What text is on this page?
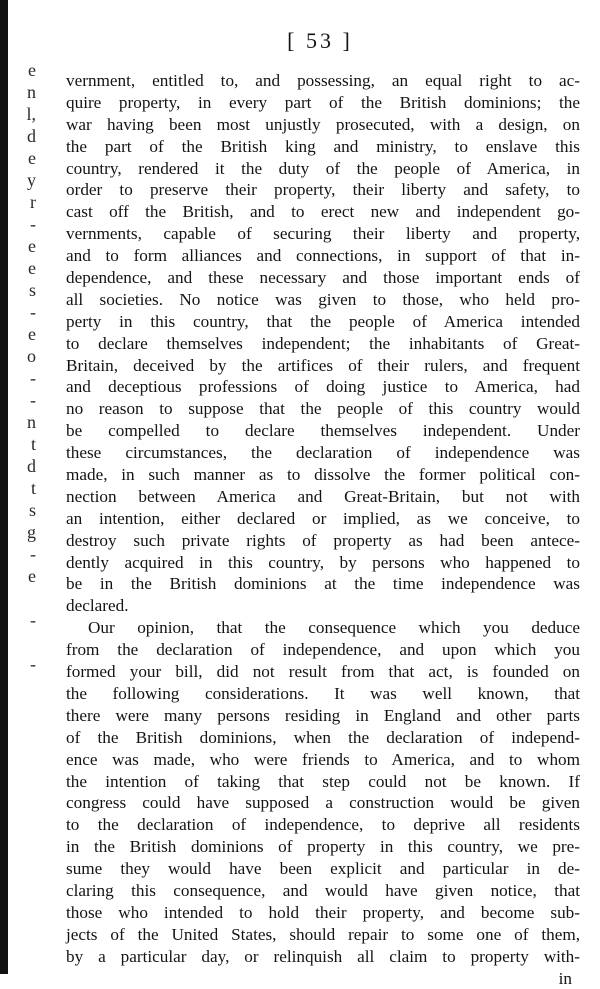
e
n
l,
d
e
y
r
-
e
e
s
-
e
o
-
-
n
t
d
t
s
g
-
e
-
-
[ 53 ]
vernment, entitled to, and possessing, an equal right to ac-
quire property, in every part of the British dominions; the
war having been most unjustly prosecuted, with a design, on
the part of the British king and ministry, to enslave this
country, rendered it the duty of the people of America, in
order to preserve their property, their liberty and safety, to
cast off the British, and to erect new and independent go-
vernments, capable of securing their liberty and property,
and to form alliances and connections, in support of that in-
dependence, and these necessary and those important ends of
all societies. No notice was given to those, who held pro-
perty in this country, that the people of America intended
to declare themselves independent; the inhabitants of Great-
Britain, deceived by the artifices of their rulers, and frequent
and deceptious professions of doing justice to America, had
no reason to suppose that the people of this country would
be compelled to declare themselves independent. Under
these circumstances, the declaration of independence was
made, in such manner as to dissolve the former political con-
nection between America and Great-Britain, but not with
an intention, either declared or implied, as we conceive, to
destroy such private rights of property as had been antece-
dently acquired in this country, by persons who happened to
be in the British dominions at the time independence was
declared.
Our opinion, that the consequence which you deduce
from the declaration of independence, and upon which you
formed your bill, did not result from that act, is founded on
the following considerations. It was well known, that
there were many persons residing in England and other parts
of the British dominions, when the declaration of independ-
ence was made, who were friends to America, and to whom
the intention of taking that step could not be known. If
congress could have supposed a construction would be given
to the declaration of independence, to deprive all residents
in the British dominions of property in this country, we pre-
sume they would have been explicit and particular in de-
claring this consequence, and would have given notice, that
those who intended to hold their property, and become sub-
jects of the United States, should repair to some one of them,
by a particular day, or relinquish all claim to property with-
in
